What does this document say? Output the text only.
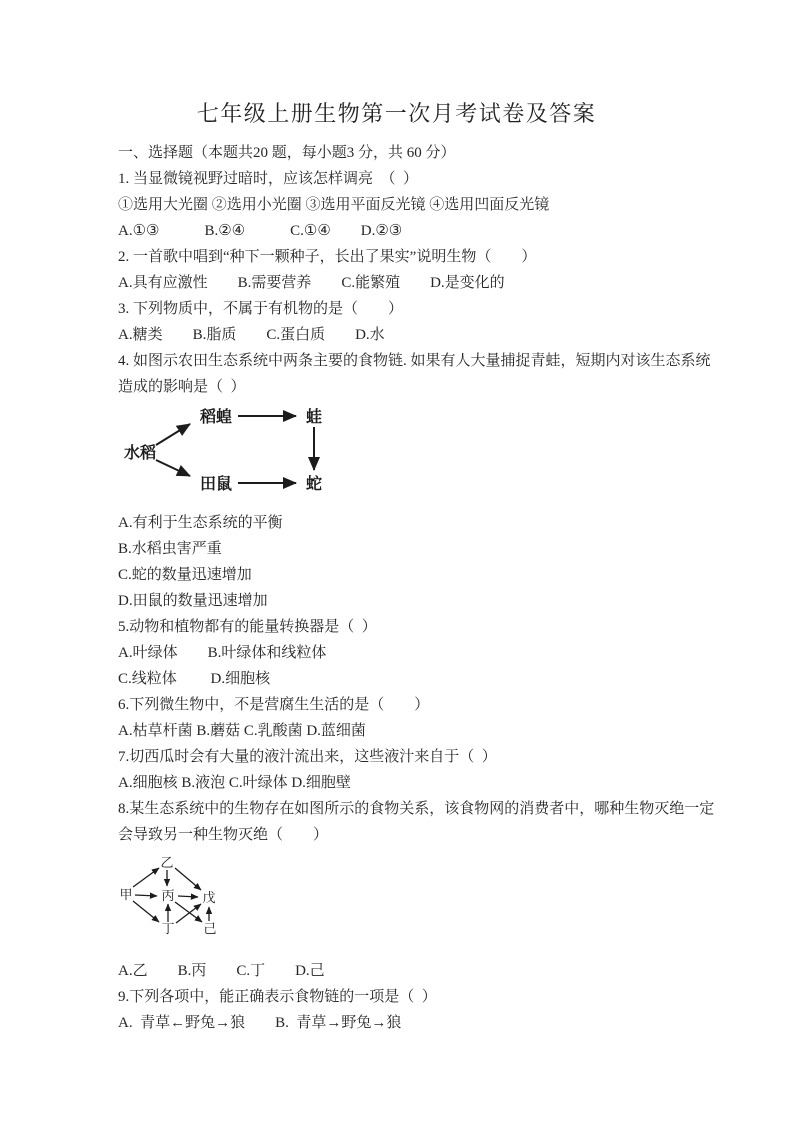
七年级上册生物第一次月考试卷及答案

一、选择题（本题共20 题，每小题3 分，共 60 分）

1. 当显微镜视野过暗时，应该怎样调亮  （  ）

①选用大光圈 ②选用小光圈 ③选用平面反光镜 ④选用凹面反光镜

A.①③　　　B.②④　　　C.①④　　D.②③

2. 一首歌中唱到“种下一颗种子，长出了果实”说明生物（　　）

A.具有应激性　　B.需要营养　　C.能繁殖　　D.是变化的

3. 下列物质中，不属于有机物的是（　　）

A.糖类　　B.脂质　　C.蛋白质　　D.水

4. 如图示农田生态系统中两条主要的食物链. 如果有人大量捕捉青蛙，短期内对该生态系统

造成的影响是（  ）

水稻
稻蝗	蛙
田鼠	蛇

A.有利于生态系统的平衡

B.水稻虫害严重

C.蛇的数量迅速增加

D.田鼠的数量迅速增加

5.动物和植物都有的能量转换器是（  ）

A.叶绿体　　B.叶绿体和线粒体

C.线粒体　　 D.细胞核

6.下列微生物中，不是营腐生生活的是（　　）

A.枯草杆菌 B.蘑菇 C.乳酸菌 D.蓝细菌

7.切西瓜时会有大量的液汁流出来，这些液汁来自于（  ）

A.细胞核 B.液泡 C.叶绿体 D.细胞壁

8.某生态系统中的生物存在如图所示的食物关系，该食物网的消费者中，哪种生物灭绝一定

会导致另一种生物灭绝（　　）

甲
乙
丙 戊
丁 己

A.乙　　B.丙　　C.丁　　D.己

9.下列各项中，能正确表示食物链的一项是（  ）

A.  青草←野兔→狼　　B.  青草→野兔→狼
